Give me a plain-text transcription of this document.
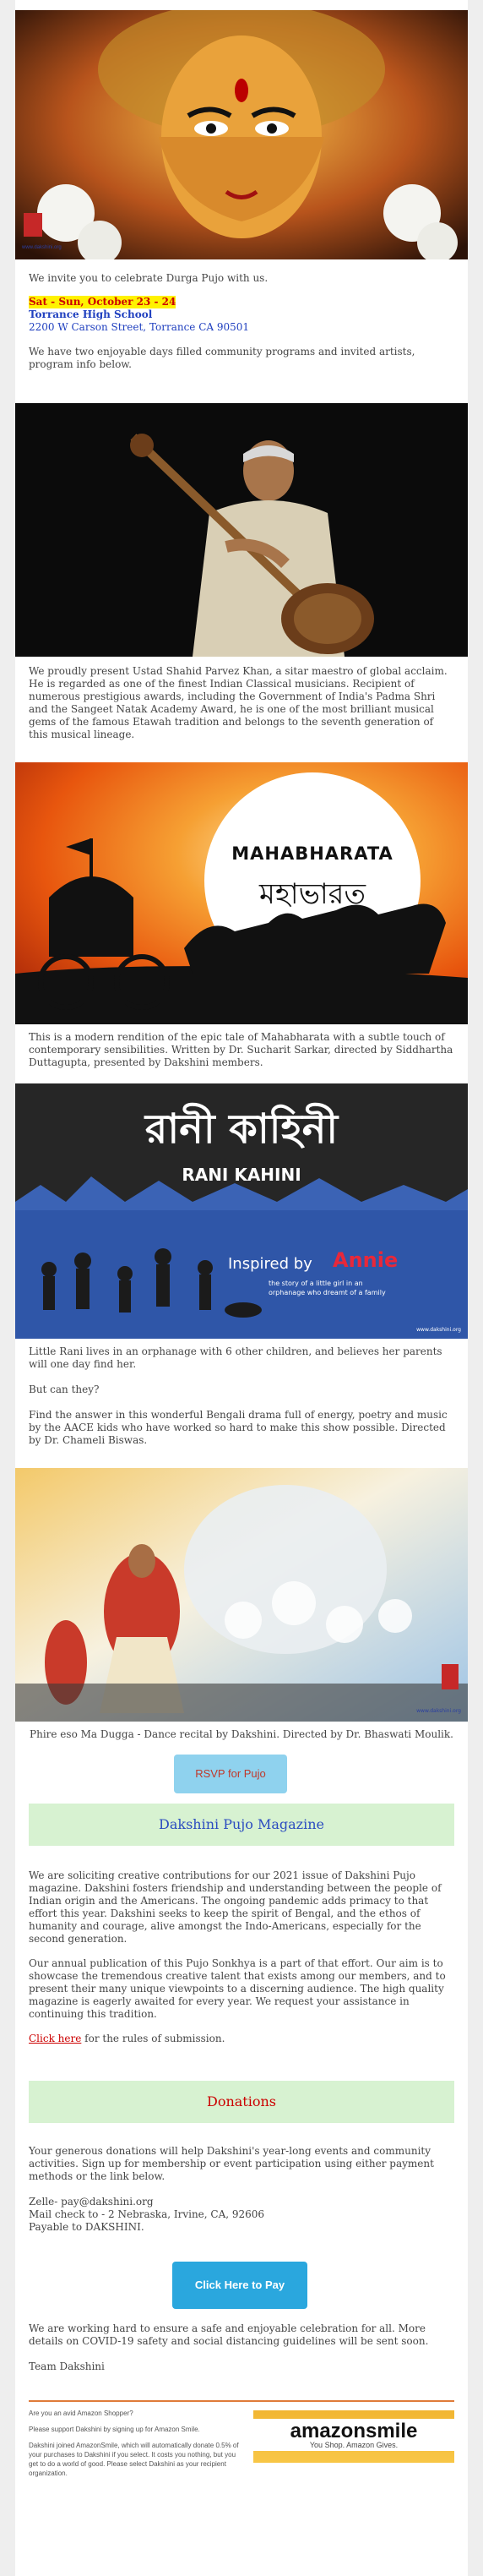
www.dakshini.org

We invite you to celebrate Durga Pujo with us.

Sat - Sun, October 23 - 24
Torrance High School
2200 W Carson Street, Torrance CA 90501

We have two enjoyable days filled community programs and invited artists, program info below.

We proudly present Ustad Shahid Parvez Khan, a sitar maestro of global acclaim. He is regarded as one of the finest Indian Classical musicians. Recipient of numerous prestigious awards, including the Government of India's Padma Shri and the Sangeet Natak Academy Award, he is one of the most brilliant musical gems of the famous Etawah tradition and belongs to the seventh generation of this musical lineage.

MAHABHARATA
মহাভারত

This is a modern rendition of the epic tale of Mahabharata with a subtle touch of contemporary sensibilities. Written by Dr. Sucharit Sarkar, directed by Siddhartha Duttagupta, presented by Dakshini members.

রানী কাহিনী
RANI KAHINI
Inspired by Annie
the story of a little girl in an
orphanage who dreamt of a family
www.dakshini.org

Little Rani lives in an orphanage with 6 other children, and believes her parents will one day find her.

But can they?

Find the answer in this wonderful Bengali drama full of energy, poetry and music by the AACE kids who have worked so hard to make this show possible. Directed by Dr. Chameli Biswas.

www.dakshini.org

Phire eso Ma Dugga - Dance recital by Dakshini. Directed by Dr. Bhaswati Moulik.

RSVP for Pujo
Dakshini Pujo Magazine

We are soliciting creative contributions for our 2021 issue of Dakshini Pujo magazine. Dakshini fosters friendship and understanding between the people of Indian origin and the Americans. The ongoing pandemic adds primacy to that effort this year. Dakshini seeks to keep the spirit of Bengal, and the ethos of humanity and courage, alive amongst the Indo-Americans, especially for the second generation.

Our annual publication of this Pujo Sonkhya is a part of that effort. Our aim is to showcase the tremendous creative talent that exists among our members, and to present their many unique viewpoints to a discerning audience. The high quality magazine is eagerly awaited for every year. We request your assistance in continuing this tradition.

Click here for the rules of submission.

Donations

Your generous donations will help Dakshini's year-long events and community activities. Sign up for membership or event participation using either payment methods or the link below.

Zelle- pay@dakshini.org

Mail check to - 2 Nebraska, Irvine, CA, 92606

Payable to DAKSHINI.

Click Here to Pay

We are working hard to ensure a safe and enjoyable celebration for all. More details on COVID-19 safety and social distancing guidelines will be sent soon.

Team Dakshini

Are you an avid Amazon Shopper?
Please support Dakshini by signing up for Amazon Smile.
Dakshini joined AmazonSmile, which will automatically donate 0.5% of your purchases to Dakshini if you select. It costs you nothing, but you get to do a world of good. Please select Dakshini as your recipient organization.
amazonsmile
You Shop. Amazon Gives.
